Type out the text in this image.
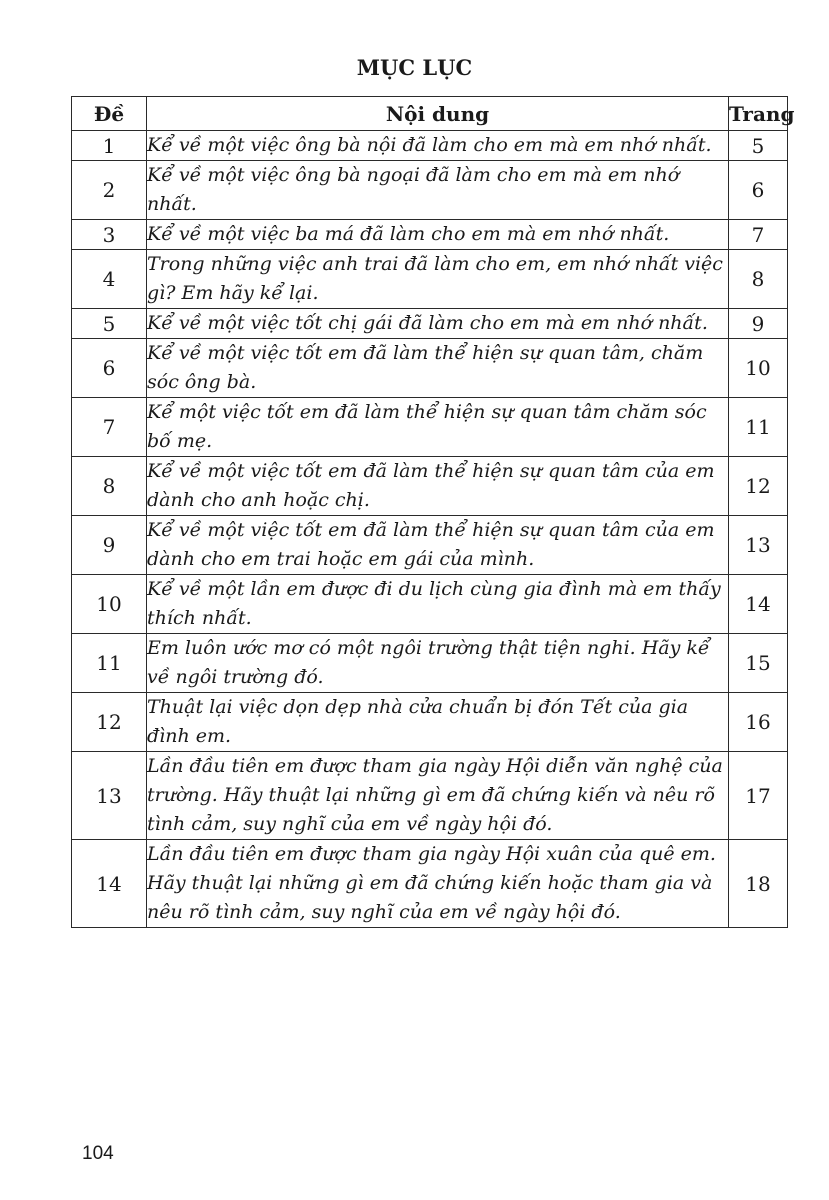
MỤC LỤC
Đề	Nội dung	Trang
1	Kể về một việc ông bà nội đã làm cho em mà em nhớ nhất.	5
2	Kể về một việc ông bà ngoại đã làm cho em mà em nhớ nhất.	6
3	Kể về một việc ba má đã làm cho em mà em nhớ nhất.	7
4	Trong những việc anh trai đã làm cho em, em nhớ nhất việc gì? Em hãy kể lại.	8
5	Kể về một việc tốt chị gái đã làm cho em mà em nhớ nhất.	9
6	Kể về một việc tốt em đã làm thể hiện sự quan tâm, chăm sóc ông bà.	10
7	Kể một việc tốt em đã làm thể hiện sự quan tâm chăm sóc bố mẹ.	11
8	Kể về một việc tốt em đã làm thể hiện sự quan tâm của em dành cho anh hoặc chị.	12
9	Kể về một việc tốt em đã làm thể hiện sự quan tâm của em dành cho em trai hoặc em gái của mình.	13
10	Kể về một lần em được đi du lịch cùng gia đình mà em thấy thích nhất.	14
11	Em luôn ước mơ có một ngôi trường thật tiện nghi. Hãy kể về ngôi trường đó.	15
12	Thuật lại việc dọn dẹp nhà cửa chuẩn bị đón Tết của gia đình em.	16
13	Lần đầu tiên em được tham gia ngày Hội diễn văn nghệ của trường. Hãy thuật lại những gì em đã chứng kiến và nêu rõ tình cảm, suy nghĩ của em về ngày hội đó.	17
14	Lần đầu tiên em được tham gia ngày Hội xuân của quê em. Hãy thuật lại những gì em đã chứng kiến hoặc tham gia và nêu rõ tình cảm, suy nghĩ của em về ngày hội đó.	18
104
